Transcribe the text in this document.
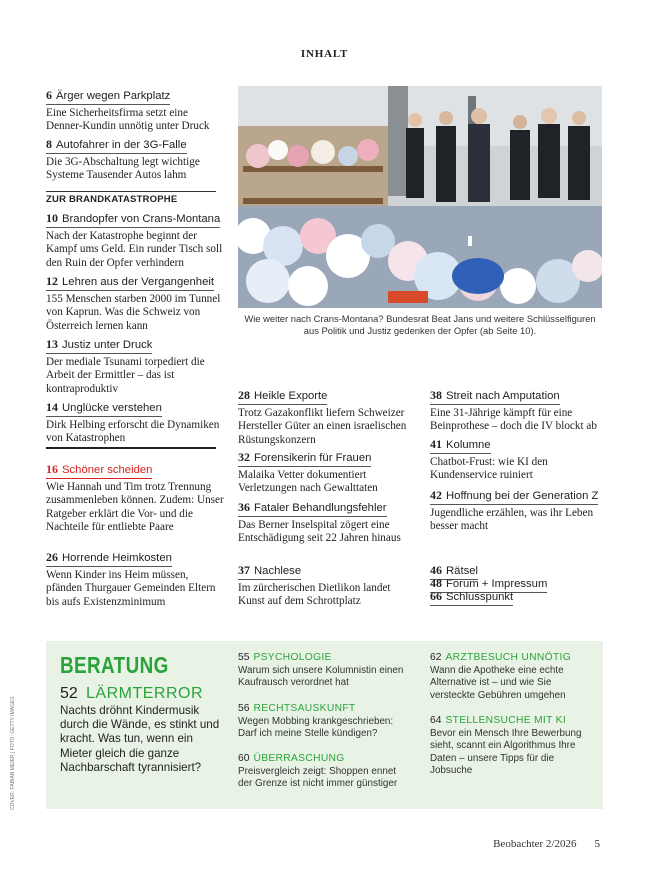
INHALT
6 Ärger wegen Parkplatz
Eine Sicherheitsfirma setzt eine Denner-Kundin unnötig unter Druck
8 Autofahrer in der 3G-Falle
Die 3G-Abschaltung legt wichtige Systeme Tausender Autos lahm
ZUR BRANDKATASTROPHE
10 Brandopfer von Crans-Montana
Nach der Katastrophe beginnt der Kampf ums Geld. Ein runder Tisch soll den Ruin der Opfer verhindern
12 Lehren aus der Vergangenheit
155 Menschen starben 2000 im Tunnel von Kaprun. Was die Schweiz von Österreich lernen kann
13 Justiz unter Druck
Der mediale Tsunami torpediert die Arbeit der Ermittler – das ist kontraproduktiv
14 Unglücke verstehen
Dirk Helbing erforscht die Dynamiken von Katastrophen
16 Schöner scheiden
Wie Hannah und Tim trotz Trennung zusammenleben können. Zudem: Unser Ratgeber erklärt die Vor- und die Nachteile für entliebte Paare
26 Horrende Heimkosten
Wenn Kinder ins Heim müssen, pfänden Thurgauer Gemeinden Eltern bis aufs Existenzminimum
Wie weiter nach Crans-Montana? Bundesrat Beat Jans und weitere Schlüsselfiguren aus Politik und Justiz gedenken der Opfer (ab Seite 10).
28 Heikle Exporte
Trotz Gazakonflikt liefern Schweizer Hersteller Güter an einen israelischen Rüstungskonzern
32 Forensikerin für Frauen
Malaika Vetter dokumentiert Verletzungen nach Gewalttaten
36 Fataler Behandlungsfehler
Das Berner Inselspital zögert eine Entschädigung seit 22 Jahren hinaus
37 Nachlese
Im zürcherischen Dietlikon landet Kunst auf dem Schrottplatz
38 Streit nach Amputation
Eine 31-Jährige kämpft für eine Beinprothese – doch die IV blockt ab
41 Kolumne
Chatbot-Frust: wie KI den Kundenservice ruiniert
42 Hoffnung bei der Generation Z
Jugendliche erzählen, was ihr Leben besser macht
46 Rätsel
48 Forum + Impressum
66 Schlusspunkt
BERATUNG
52 LÄRMTERROR
Nachts dröhnt Kindermusik durch die Wände, es stinkt und kracht. Was tun, wenn ein Mieter gleich die ganze Nachbarschaft tyrannisiert?
55 PSYCHOLOGIE
Warum sich unsere Kolumnistin einen Kaufrausch verordnet hat
56 RECHTSAUSKUNFT
Wegen Mobbing krankgeschrieben: Darf ich meine Stelle kündigen?
60 ÜBERRASCHUNG
Preisvergleich zeigt: Shoppen ennet der Grenze ist nicht immer günstiger
62 ARZTBESUCH UNNÖTIG
Wann die Apotheke eine echte Alternative ist – und wie Sie versteckte Gebühren umgehen
64 STELLENSUCHE MIT KI
Bevor ein Mensch Ihre Bewerbung sieht, scannt ein Algorithmus Ihre Daten – unsere Tipps für die Jobsuche
COVER: FABIAN MEIER | FOTO: GETTY IMAGES
Beobachter 2/2026 5
